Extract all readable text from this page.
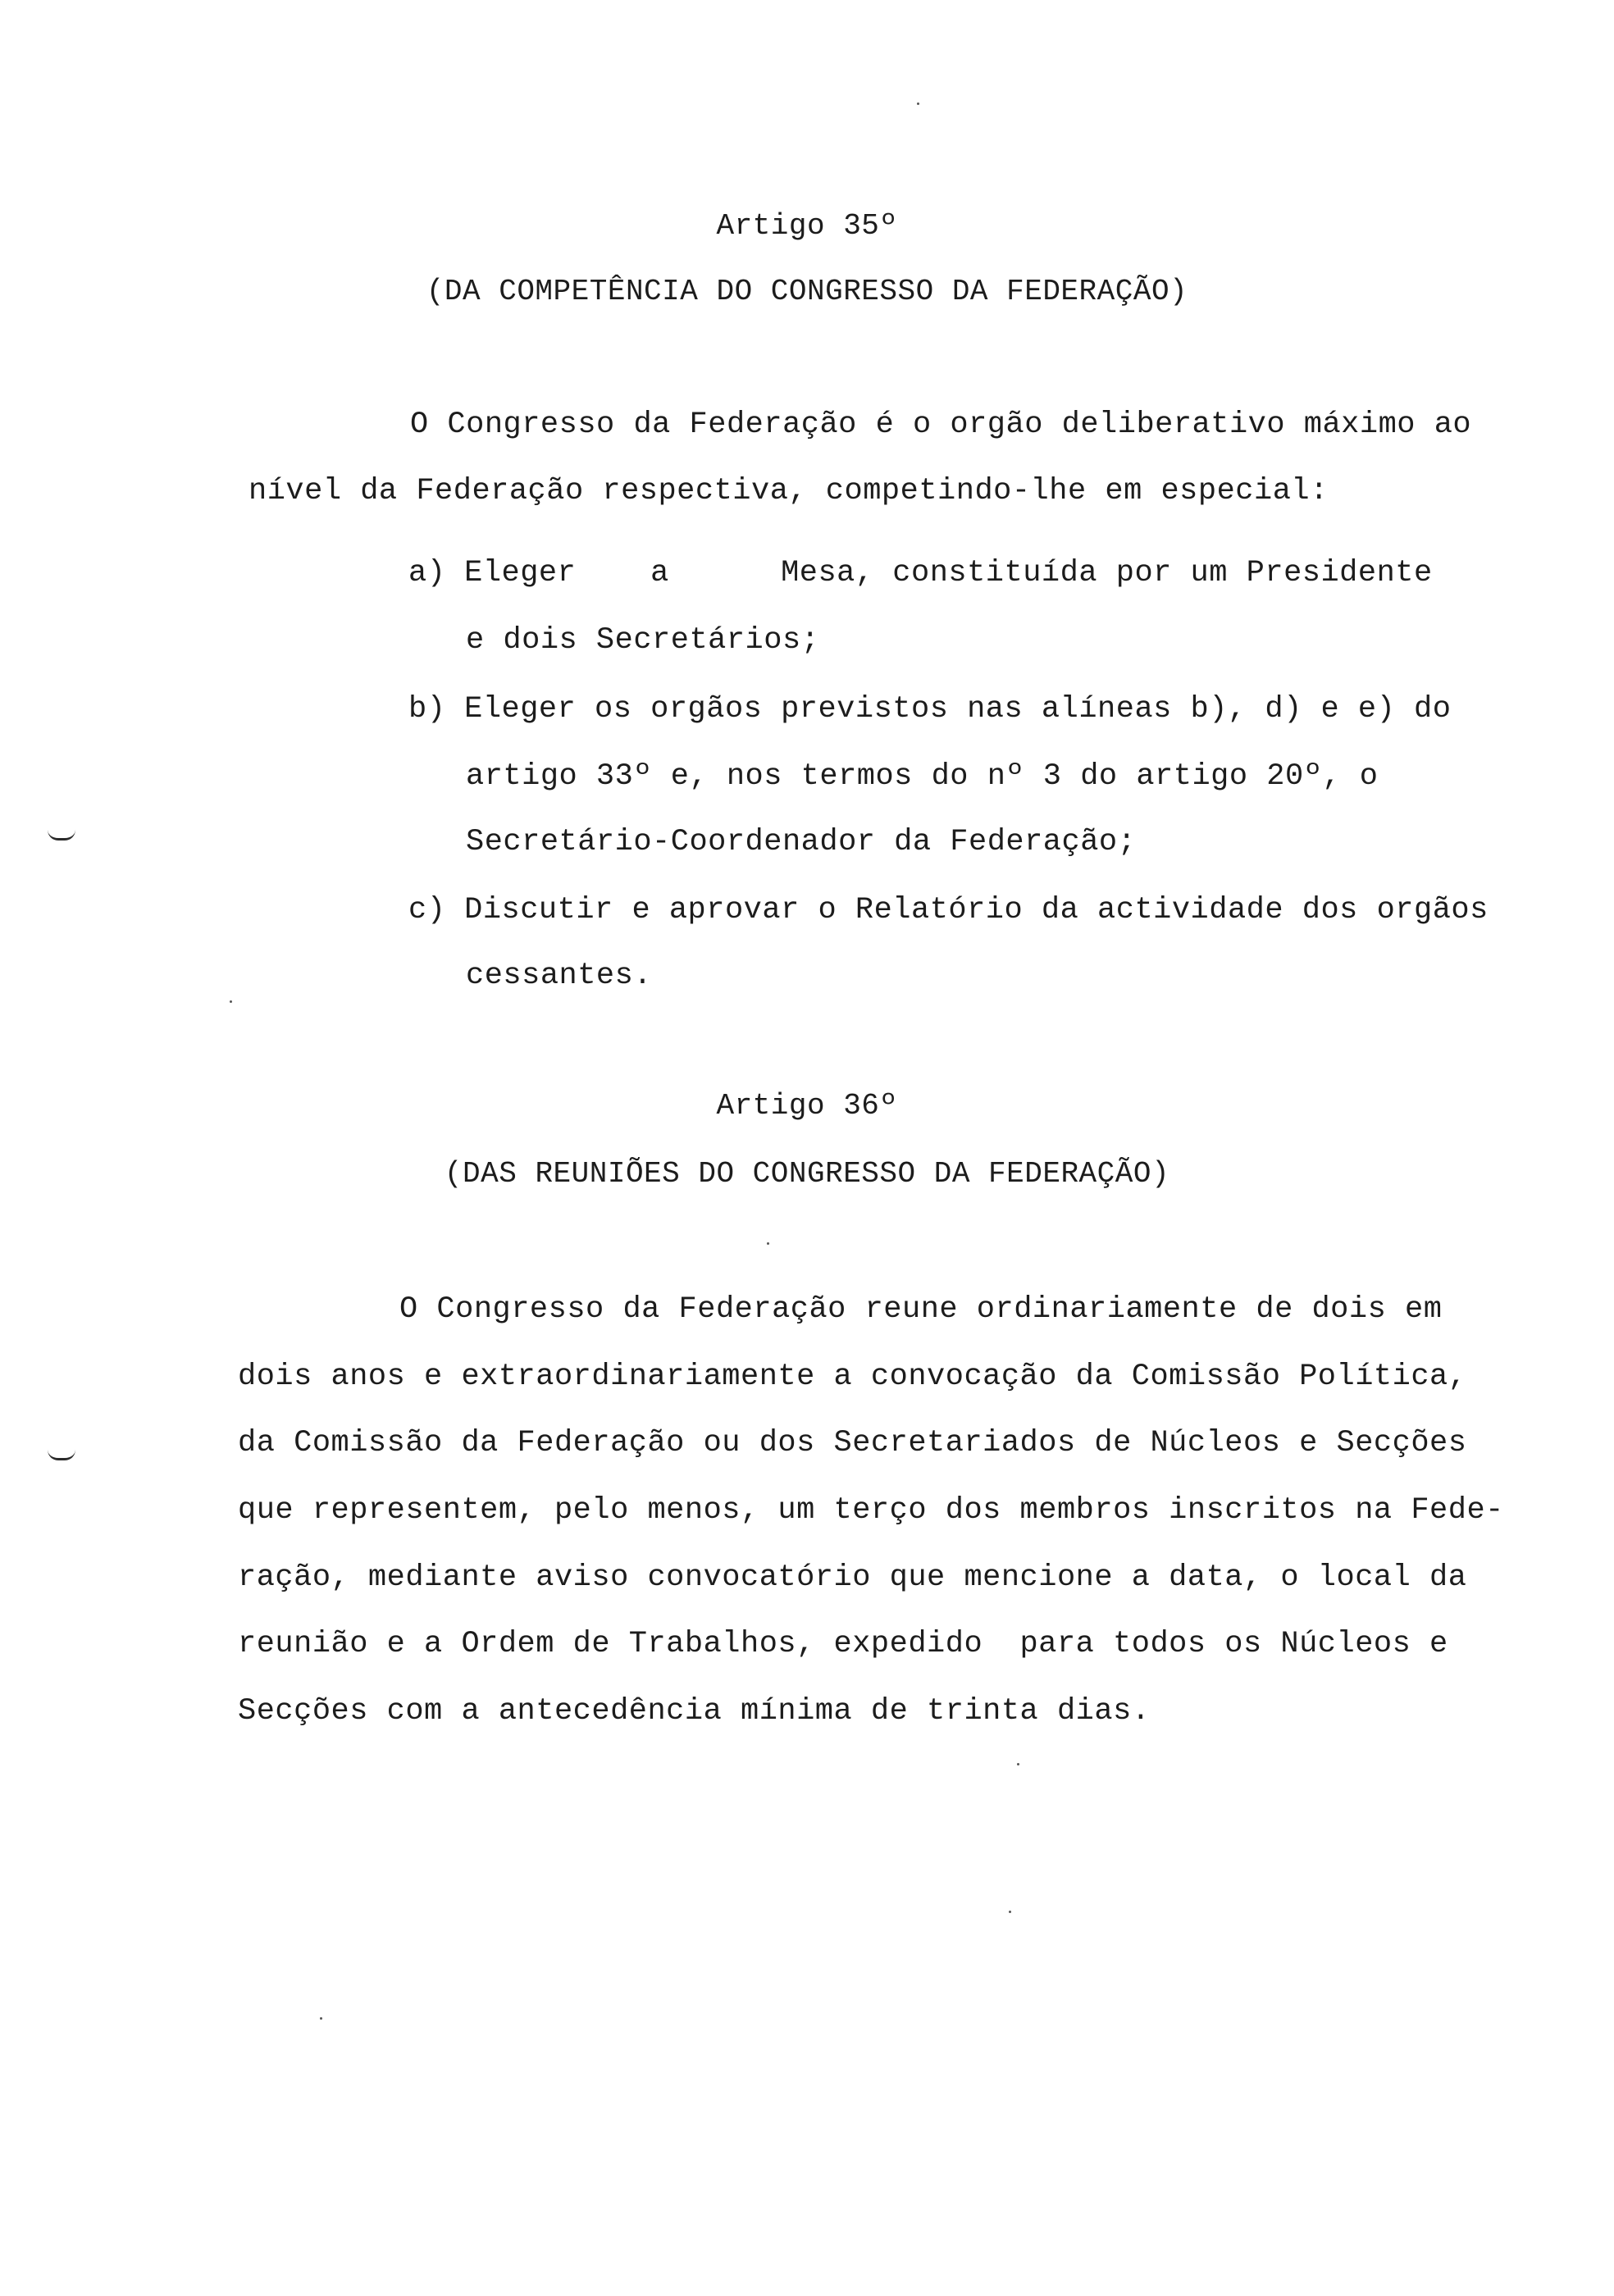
Artigo 35º
(DA COMPETÊNCIA DO CONGRESSO DA FEDERAÇÃO)
O Congresso da Federação é o orgão deliberativo máximo ao
nível da Federação respectiva, competindo-lhe em especial:
a) Eleger    a      Mesa, constituída por um Presidente
e dois Secretários;
b) Eleger os orgãos previstos nas alíneas b), d) e e) do
artigo 33º e, nos termos do nº 3 do artigo 20º, o
Secretário-Coordenador da Federação;
c) Discutir e aprovar o Relatório da actividade dos orgãos
cessantes.
Artigo 36º
(DAS REUNIÕES DO CONGRESSO DA FEDERAÇÃO)
O Congresso da Federação reune ordinariamente de dois em
dois anos e extraordinariamente a convocação da Comissão Política,
da Comissão da Federação ou dos Secretariados de Núcleos e Secções
que representem, pelo menos, um terço dos membros inscritos na Fede-
ração, mediante aviso convocatório que mencione a data, o local da
reunião e a Ordem de Trabalhos, expedido  para todos os Núcleos e
Secções com a antecedência mínima de trinta dias.
